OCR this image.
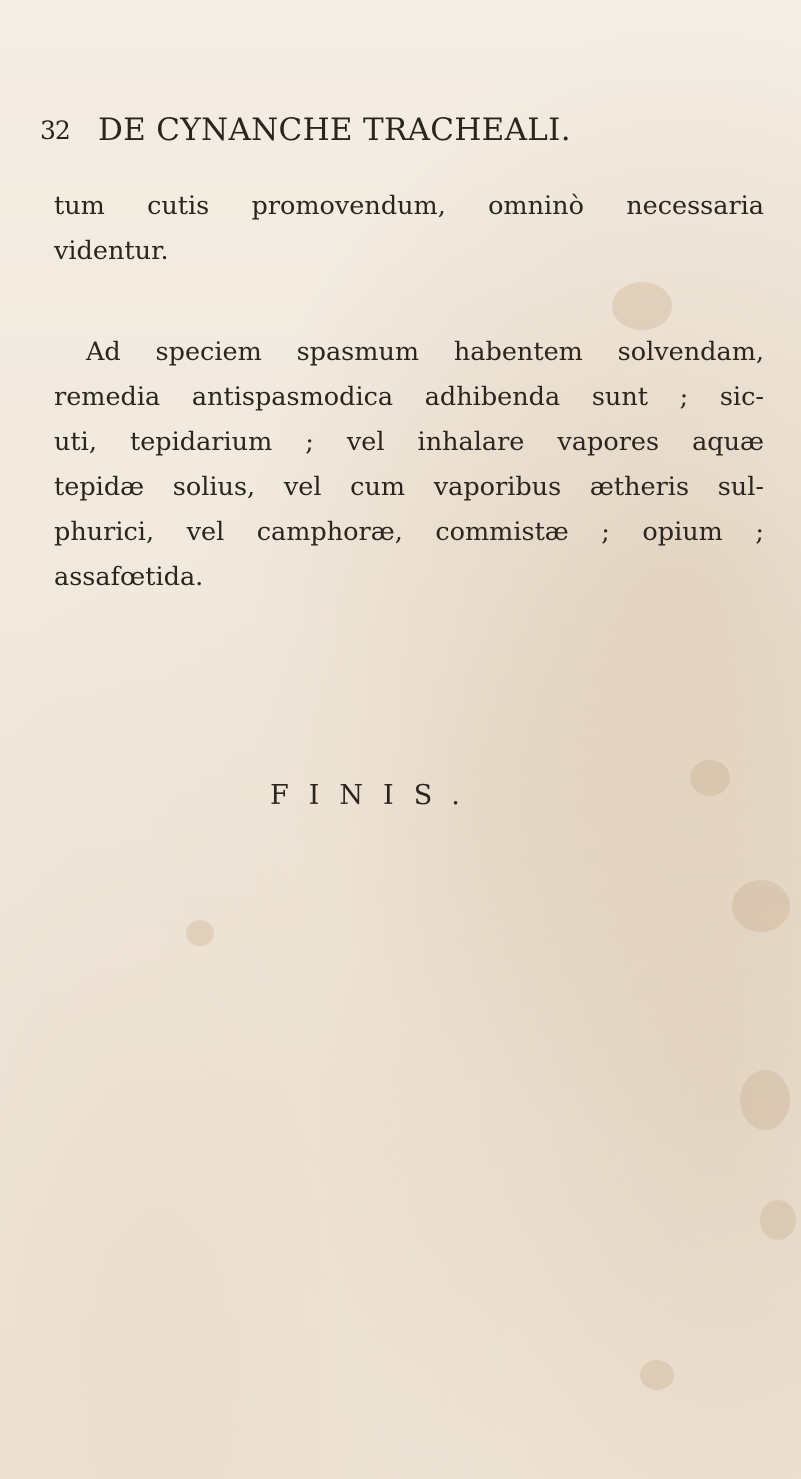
32 DE CYNANCHE TRACHEALI.
tum cutis promovendum, omninò necessaria
videntur.
Ad speciem spasmum habentem solvendam,
remedia antispasmodica adhibenda sunt ; sic-
uti, tepidarium ; vel inhalare vapores aquæ
tepidæ solius, vel cum vaporibus ætheris sul-
phurici, vel camphoræ, commistæ ; opium ;
assafœtida.
FINIS.
